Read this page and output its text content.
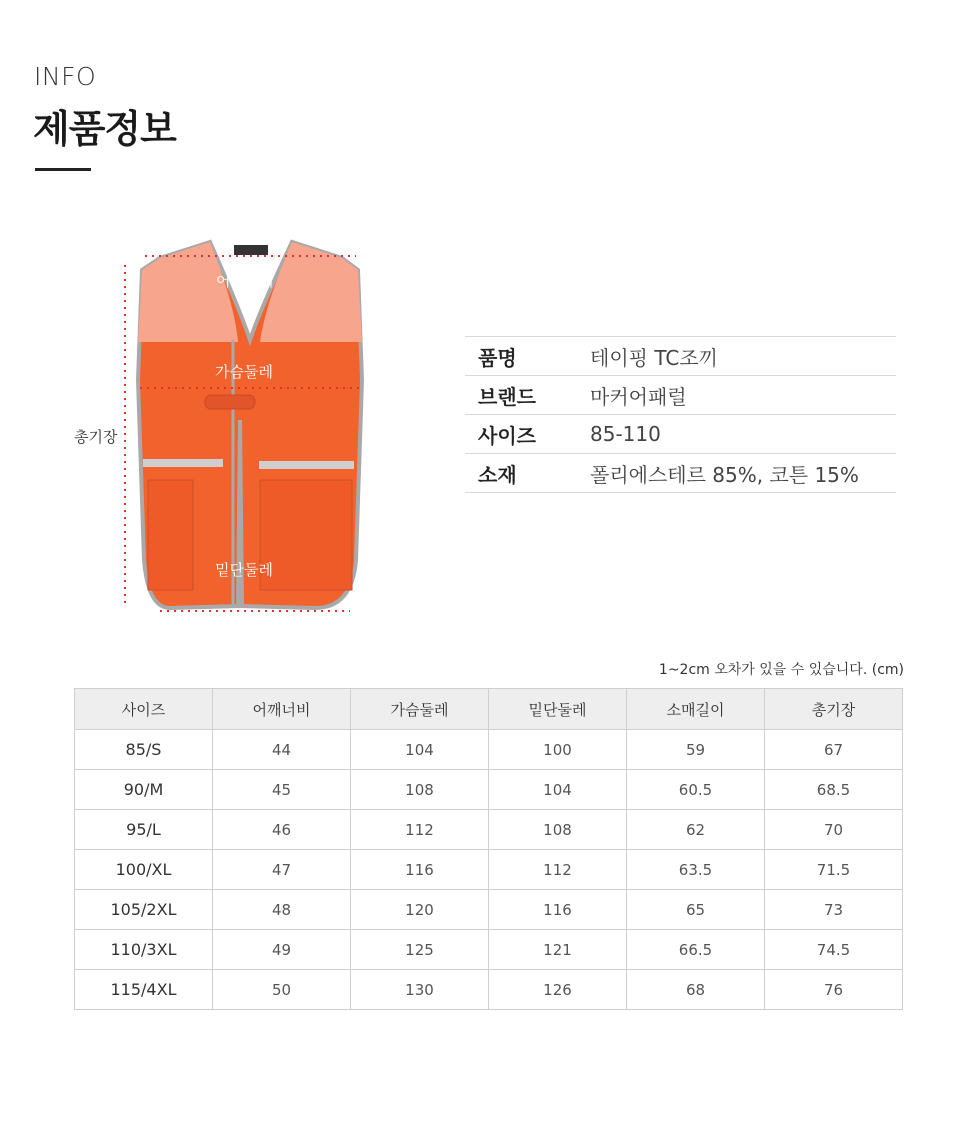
INFO
제품정보
어깨너비
가슴둘레
밑단둘레
총기장
품명	테이핑 TC조끼
브랜드	마커어패럴
사이즈	85-110
소재	폴리에스테르 85%, 코튼 15%
1~2cm 오차가 있을 수 있습니다. (cm)
사이즈	어깨너비	가슴둘레	밑단둘레	소매길이	총기장
85/S	44	104	100	59	67
90/M	45	108	104	60.5	68.5
95/L	46	112	108	62	70
100/XL	47	116	112	63.5	71.5
105/2XL	48	120	116	65	73
110/3XL	49	125	121	66.5	74.5
115/4XL	50	130	126	68	76
